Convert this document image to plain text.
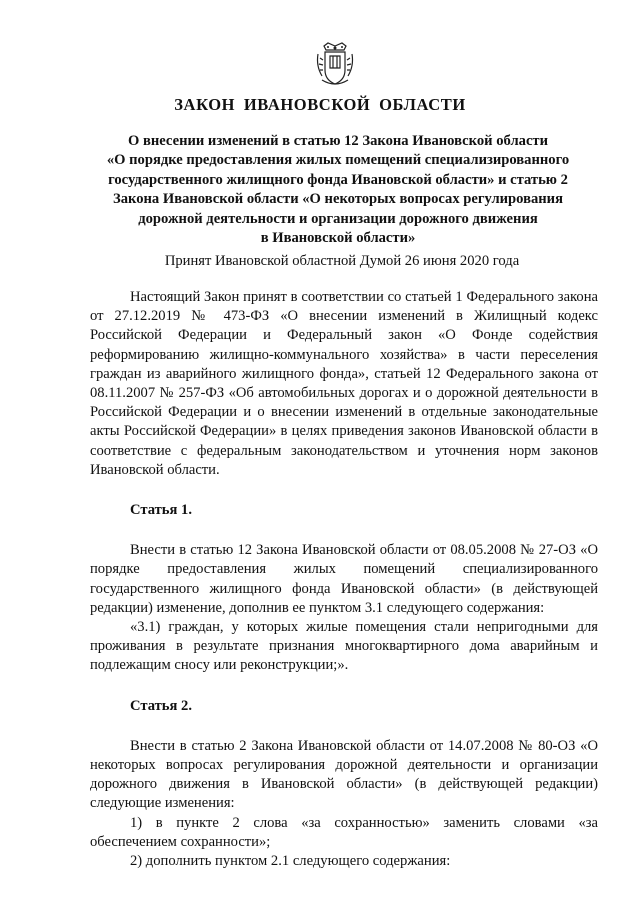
ЗАКОН ИВАНОВСКОЙ ОБЛАСТИ
О внесении изменений в статью 12 Закона Ивановской области
«О порядке предоставления жилых помещений специализированного
государственного жилищного фонда Ивановской области» и статью 2
Закона Ивановской области «О некоторых вопросах регулирования
дорожной деятельности и организации дорожного движения
в Ивановской области»
Принят Ивановской областной Думой 26 июня 2020 года

Настоящий Закон принят в соответствии со статьей 1 Федерального закона от 27.12.2019 № 473-ФЗ «О внесении изменений в Жилищный кодекс Российской Федерации и Федеральный закон «О Фонде содействия реформированию жилищно-коммунального хозяйства» в части переселения граждан из аварийного жилищного фонда», статьей 12 Федерального закона от 08.11.2007 № 257-ФЗ «Об автомобильных дорогах и о дорожной деятельности в Российской Федерации и о внесении изменений в отдельные законодательные акты Российской Федерации» в целях приведения законов Ивановской области в соответствие с федеральным законодательством и уточнения норм законов Ивановской области.

Статья 1.

Внести в статью 12 Закона Ивановской области от 08.05.2008 № 27-ОЗ «О порядке предоставления жилых помещений специализированного государственного жилищного фонда Ивановской области» (в действующей редакции) изменение, дополнив ее пунктом 3.1 следующего содержания:

«3.1) граждан, у которых жилые помещения стали непригодными для проживания в результате признания многоквартирного дома аварийным и подлежащим сносу или реконструкции;».

Статья 2.

Внести в статью 2 Закона Ивановской области от 14.07.2008 № 80-ОЗ «О некоторых вопросах регулирования дорожной деятельности и организации дорожного движения в Ивановской области» (в действующей редакции) следующие изменения:

1) в пункте 2 слова «за сохранностью» заменить словами «за обеспечением сохранности»;

2) дополнить пунктом 2.1 следующего содержания:
